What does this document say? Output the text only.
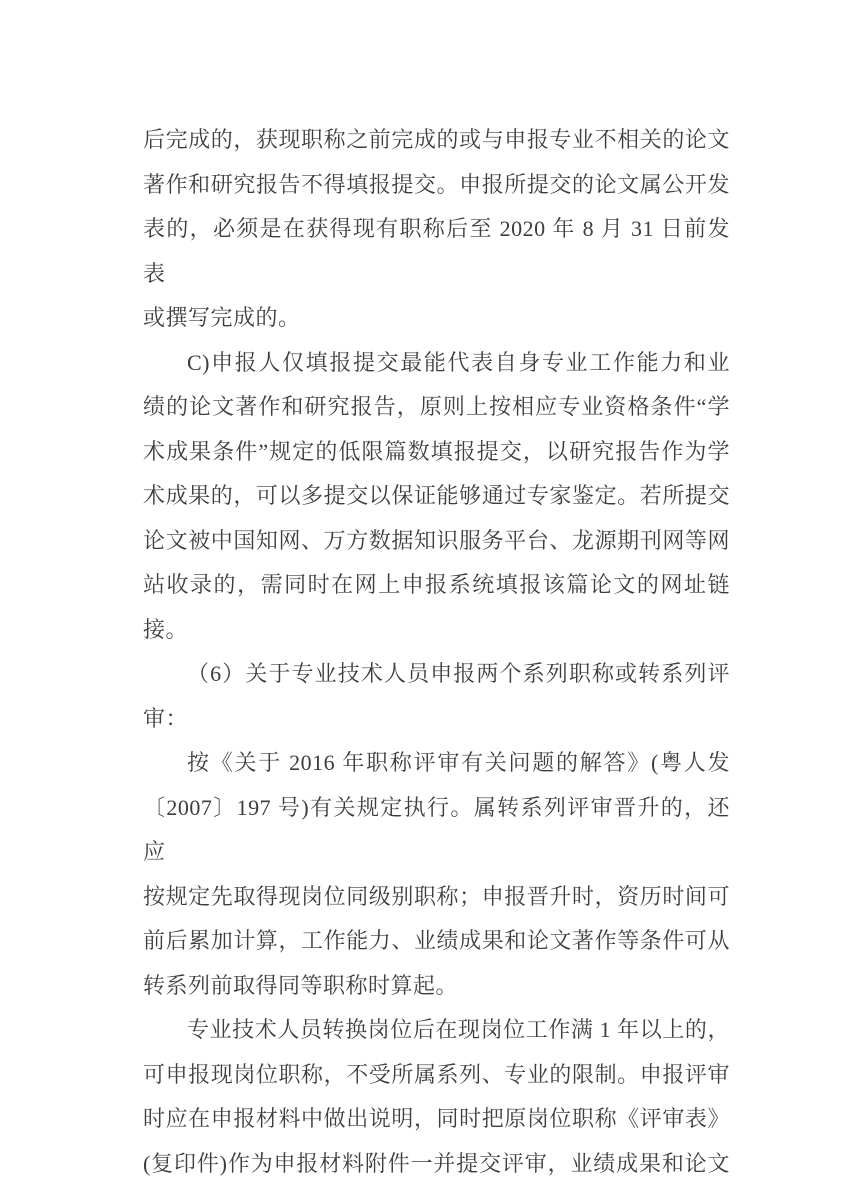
后完成的，获现职称之前完成的或与申报专业不相关的论文
著作和研究报告不得填报提交。申报所提交的论文属公开发
表的，必须是在获得现有职称后至 2020 年 8 月 31 日前发表
或撰写完成的。
C)申报人仅填报提交最能代表自身专业工作能力和业
绩的论文著作和研究报告，原则上按相应专业资格条件“学
术成果条件”规定的低限篇数填报提交，以研究报告作为学
术成果的，可以多提交以保证能够通过专家鉴定。若所提交
论文被中国知网、万方数据知识服务平台、龙源期刊网等网
站收录的，需同时在网上申报系统填报该篇论文的网址链
接。
（6）关于专业技术人员申报两个系列职称或转系列评
审：
按《关于 2016 年职称评审有关问题的解答》(粤人发
〔2007〕197 号)有关规定执行。属转系列评审晋升的，还应
按规定先取得现岗位同级别职称；申报晋升时，资历时间可
前后累加计算，工作能力、业绩成果和论文著作等条件可从
转系列前取得同等职称时算起。
专业技术人员转换岗位后在现岗位工作满 1 年以上的，
可申报现岗位职称，不受所属系列、专业的限制。申报评审
时应在申报材料中做出说明，同时把原岗位职称《评审表》
(复印件)作为申报材料附件一并提交评审，业绩成果和论文
